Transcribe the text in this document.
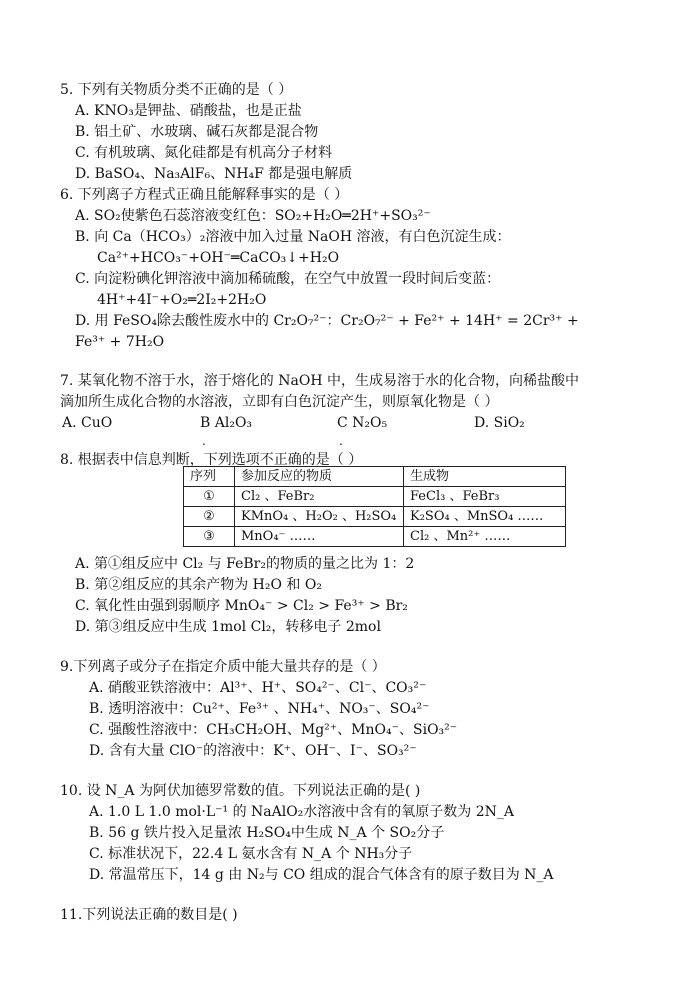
5. 下列有关物质分类不正确的是（ ）
A. KNO₃是钾盐、硝酸盐，也是正盐
B. 铝土矿、水玻璃、碱石灰都是混合物
C. 有机玻璃、氮化硅都是有机高分子材料
D. BaSO₄、Na₃AlF₆、NH₄F 都是强电解质
6. 下列离子方程式正确且能解释事实的是（ ）
A. SO₂使紫色石蕊溶液变红色：SO₂+H₂O═2H⁺+SO₃²⁻
B. 向 Ca（HCO₃）₂溶液中加入过量 NaOH 溶液，有白色沉淀生成：
Ca²⁺+HCO₃⁻+OH⁻═CaCO₃↓+H₂O
C. 向淀粉碘化钾溶液中滴加稀硫酸，在空气中放置一段时间后变蓝：
4H⁺+4I⁻+O₂═2I₂+2H₂O
D. 用 FeSO₄除去酸性废水中的 Cr₂O₇²⁻：Cr₂O₇²⁻ + Fe²⁺ + 14H⁺ = 2Cr³⁺ +
Fe³⁺ + 7H₂O
7. 某氧化物不溶于水，溶于熔化的 NaOH 中，生成易溶于水的化合物，向稀盐酸中
滴加所生成化合物的水溶液，立即有白色沉淀产生，则原氧化物是（ ）
A. CuO	B Al₂O₃	C N₂O₅	D. SiO₂
.	.
8. 根据表中信息判断，下列选项不正确的是（ ）
序列	参加反应的物质	生成物
①	Cl₂ 、FeBr₂	FeCl₃ 、FeBr₃
②	KMnO₄ 、H₂O₂ 、H₂SO₄	K₂SO₄ 、MnSO₄ ……
③	MnO₄⁻ ……	Cl₂ 、Mn²⁺ ……
A. 第①组反应中 Cl₂ 与 FeBr₂的物质的量之比为 1：2
B. 第②组反应的其余产物为 H₂O 和 O₂
C. 氧化性由强到弱顺序 MnO₄⁻ > Cl₂ > Fe³⁺ > Br₂
D. 第③组反应中生成 1mol Cl₂，转移电子 2mol
9.下列离子或分子在指定介质中能大量共存的是（ ）
A. 硝酸亚铁溶液中：Al³⁺、H⁺、SO₄²⁻、Cl⁻、CO₃²⁻
B. 透明溶液中：Cu²⁺、Fe³⁺ 、NH₄⁺、NO₃⁻、SO₄²⁻
C. 强酸性溶液中：CH₃CH₂OH、Mg²⁺、MnO₄⁻、SiO₃²⁻
D. 含有大量 ClO⁻的溶液中：K⁺、OH⁻、I⁻、SO₃²⁻
10. 设 N_A 为阿伏加德罗常数的值。下列说法正确的是( )
A. 1.0 L 1.0 mol·L⁻¹ 的 NaAlO₂水溶液中含有的氧原子数为 2N_A
B. 56 g 铁片投入足量浓 H₂SO₄中生成 N_A 个 SO₂分子
C. 标准状况下，22.4 L 氨水含有 N_A 个 NH₃分子
D. 常温常压下，14 g 由 N₂与 CO 组成的混合气体含有的原子数目为 N_A
11.下列说法正确的数目是( )
